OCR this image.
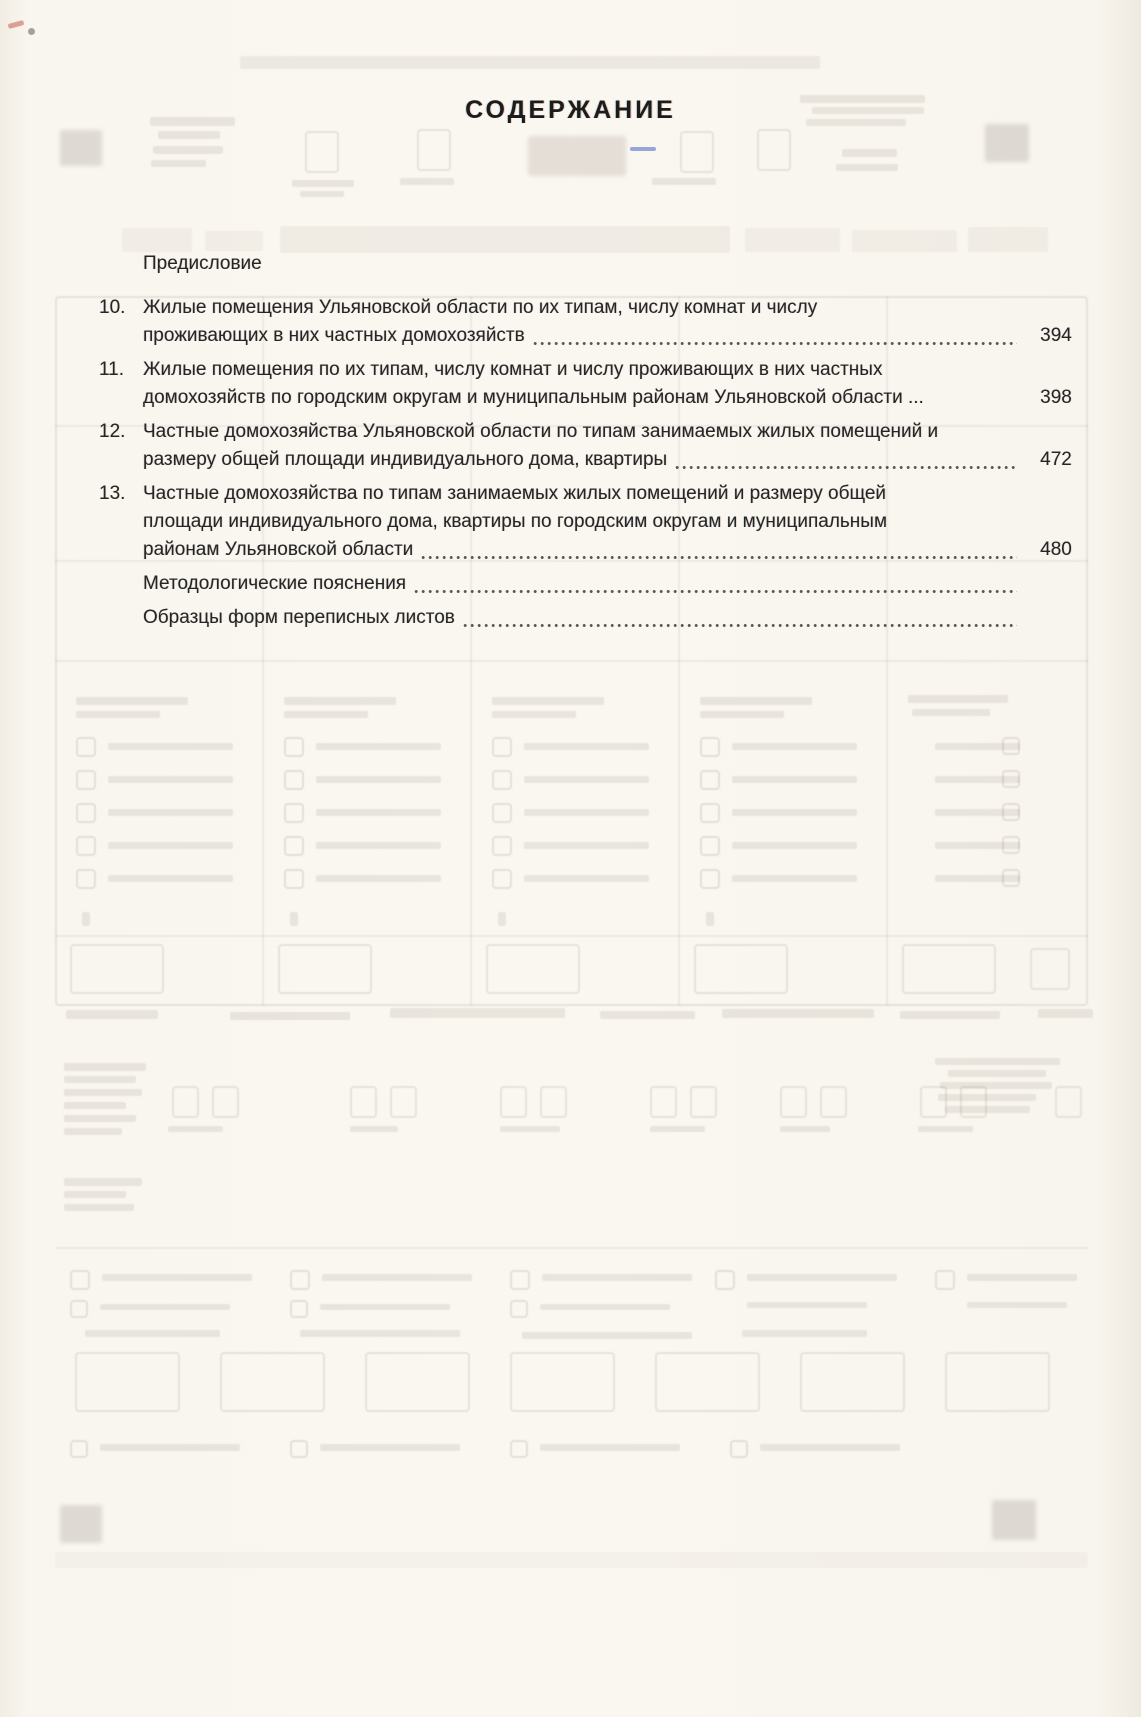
СОДЕРЖАНИЕ
Предисловие
10. Жилые помещения Ульяновской области по их типам, числу комнат и числу
проживающих в них частных домохозяйств	394
11. Жилые помещения по их типам, числу комнат и числу проживающих в них частных
домохозяйств по городским округам и муниципальным районам Ульяновской области ...	398
12. Частные домохозяйства Ульяновской области по типам занимаемых жилых помещений и
размеру общей площади индивидуального дома, квартиры	472
13. Частные домохозяйства по типам занимаемых жилых помещений и размеру общей
площади индивидуального дома, квартиры по городским округам и муниципальным
районам Ульяновской области	480
Методологические пояснения
Образцы форм переписных листов
